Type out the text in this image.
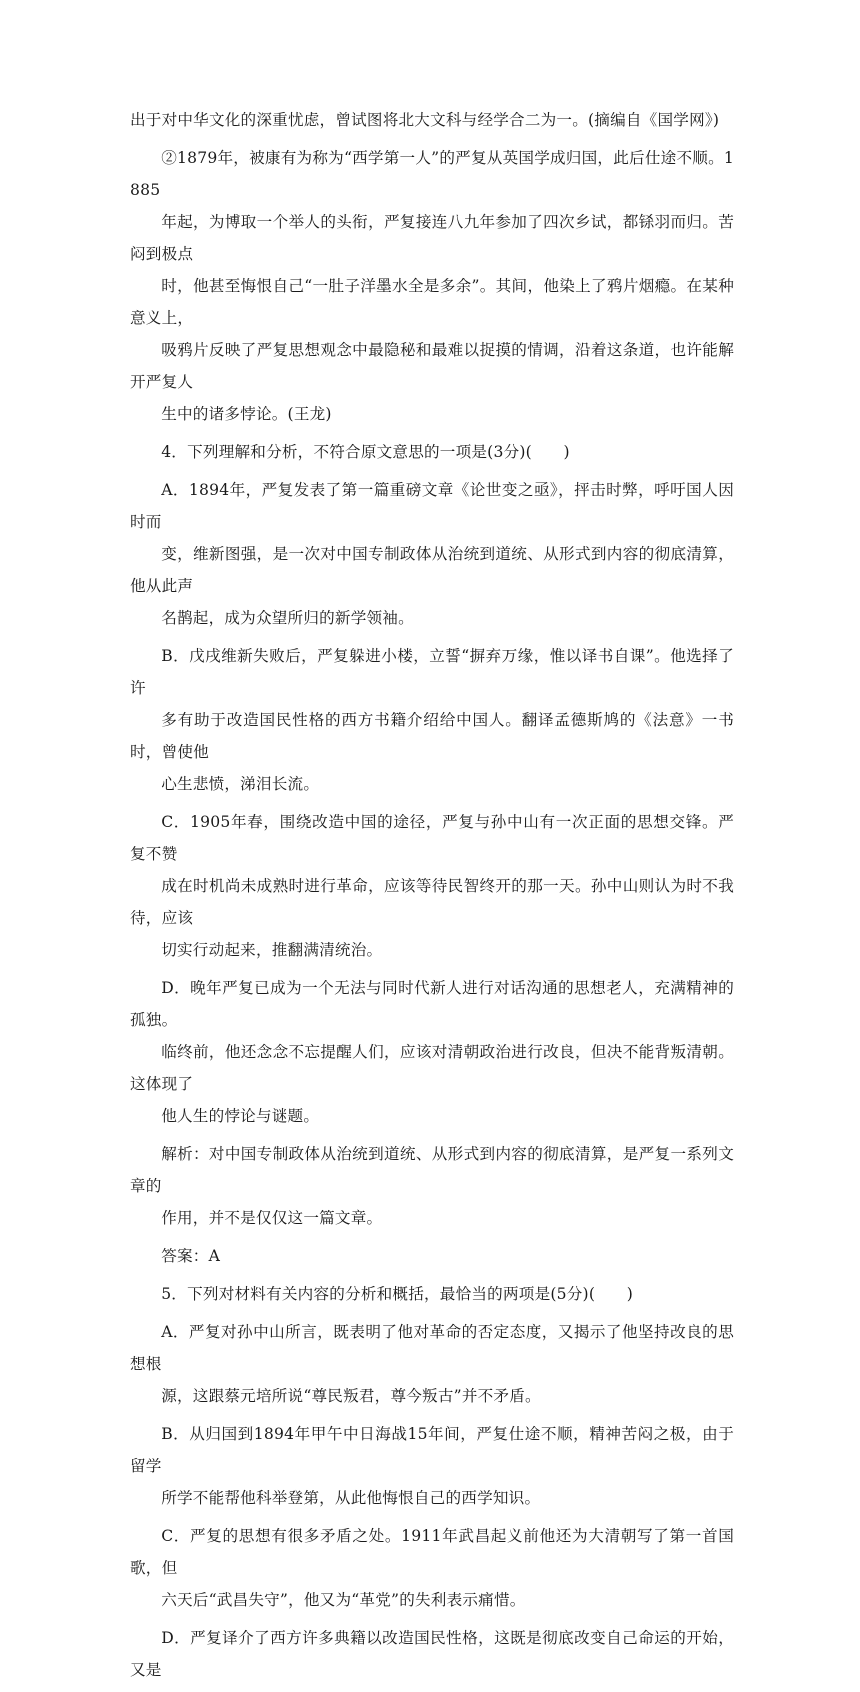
出于对中华文化的深重忧虑，曾试图将北大文科与经学合二为一。(摘编自《国学网》)

②1879年，被康有为称为“西学第一人”的严复从英国学成归国，此后仕途不顺。1885
年起，为博取一个举人的头衔，严复接连八九年参加了四次乡试，都铩羽而归。苦闷到极点
时，他甚至悔恨自己“一肚子洋墨水全是多余”。其间，他染上了鸦片烟瘾。在某种意义上，
吸鸦片反映了严复思想观念中最隐秘和最难以捉摸的情调，沿着这条道，也许能解开严复人
生中的诸多悖论。(王龙)

4．下列理解和分析，不符合原文意思的一项是(3分)(　　)

A．1894年，严复发表了第一篇重磅文章《论世变之亟》，抨击时弊，呼吁国人因时而
变，维新图强，是一次对中国专制政体从治统到道统、从形式到内容的彻底清算，他从此声
名鹊起，成为众望所归的新学领袖。

B．戊戌维新失败后，严复躲进小楼，立誓“摒弃万缘，惟以译书自课”。他选择了许
多有助于改造国民性格的西方书籍介绍给中国人。翻译孟德斯鸠的《法意》一书时，曾使他
心生悲愤，涕泪长流。

C．1905年春，围绕改造中国的途径，严复与孙中山有一次正面的思想交锋。严复不赞
成在时机尚未成熟时进行革命，应该等待民智终开的那一天。孙中山则认为时不我待，应该
切实行动起来，推翻满清统治。

D．晚年严复已成为一个无法与同时代新人进行对话沟通的思想老人，充满精神的孤独。
临终前，他还念念不忘提醒人们，应该对清朝政治进行改良，但决不能背叛清朝。这体现了
他人生的悖论与谜题。

解析：对中国专制政体从治统到道统、从形式到内容的彻底清算，是严复一系列文章的
作用，并不是仅仅这一篇文章。

答案：A

5．下列对材料有关内容的分析和概括，最恰当的两项是(5分)(　　)

A．严复对孙中山所言，既表明了他对革命的否定态度，又揭示了他坚持改良的思想根
源，这跟蔡元培所说“尊民叛君，尊今叛古”并不矛盾。

B．从归国到1894年甲午中日海战15年间，严复仕途不顺，精神苦闷之极，由于留学
所学不能帮他科举登第，从此他悔恨自己的西学知识。

C．严复的思想有很多矛盾之处。1911年武昌起义前他还为大清朝写了第一首国歌，但
六天后“武昌失守”，他又为“革党”的失利表示痛惜。

D．严复译介了西方许多典籍以改造国民性格，这既是彻底改变自己命运的开始，又是
